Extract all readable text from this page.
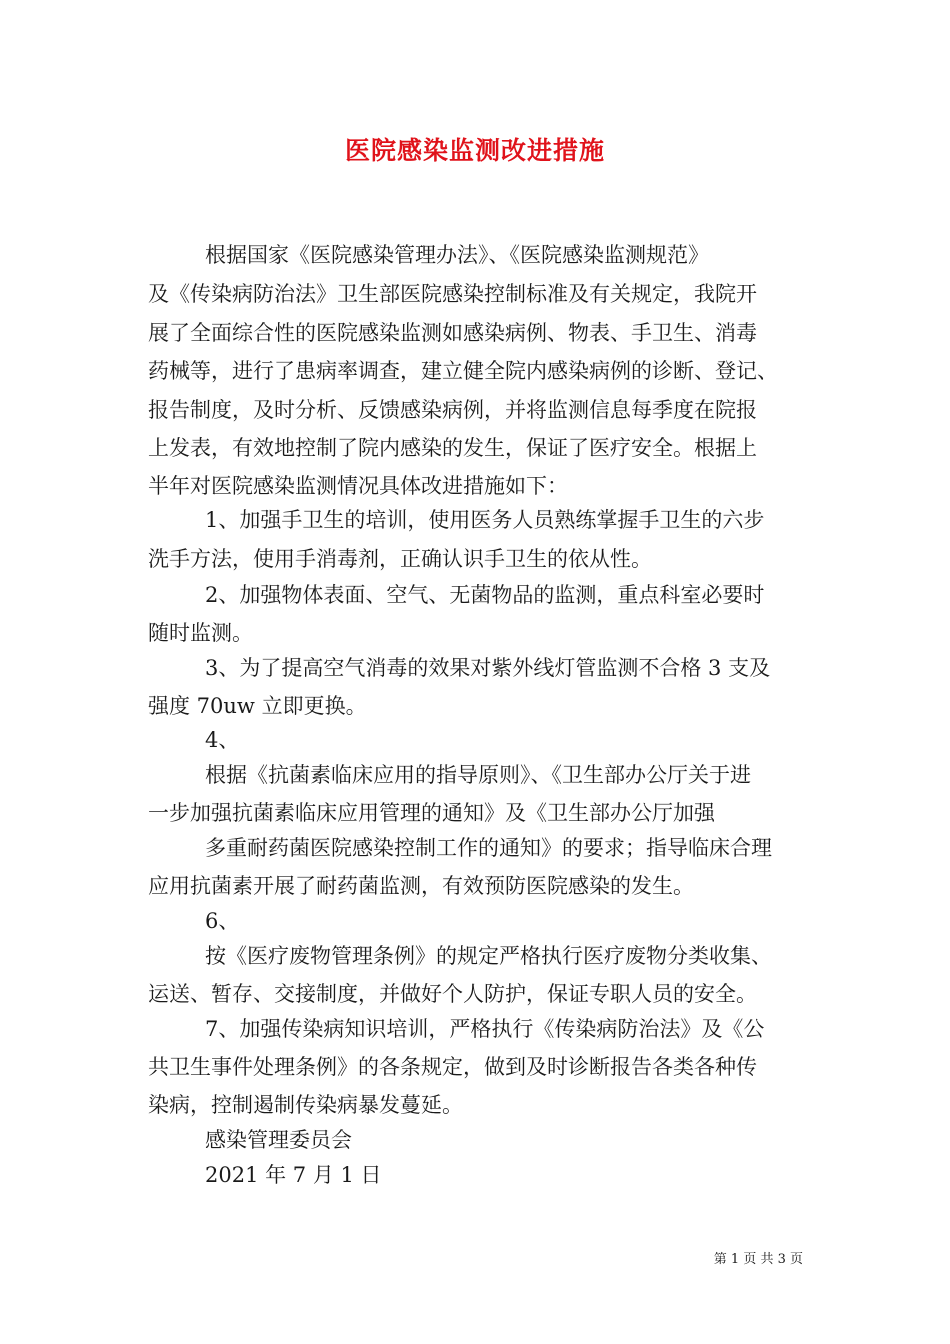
医院感染监测改进措施
根据国家《医院感染管理办法》、《医院感染监测规范》
及《传染病防治法》卫生部医院感染控制标准及有关规定，我院开
展了全面综合性的医院感染监测如感染病例、物表、手卫生、消毒
药械等，进行了患病率调查，建立健全院内感染病例的诊断、登记、
报告制度，及时分析、反馈感染病例，并将监测信息每季度在院报
上发表，有效地控制了院内感染的发生，保证了医疗安全。根据上
半年对医院感染监测情况具体改进措施如下：
1、加强手卫生的培训，使用医务人员熟练掌握手卫生的六步
洗手方法，使用手消毒剂，正确认识手卫生的依从性。
2、加强物体表面、空气、无菌物品的监测，重点科室必要时
随时监测。
3、为了提高空气消毒的效果对紫外线灯管监测不合格 3 支及
强度 70uw 立即更换。
4、
根据《抗菌素临床应用的指导原则》、《卫生部办公厅关于进
一步加强抗菌素临床应用管理的通知》及《卫生部办公厅加强
多重耐药菌医院感染控制工作的通知》的要求；指导临床合理
应用抗菌素开展了耐药菌监测，有效预防医院感染的发生。
6、
按《医疗废物管理条例》的规定严格执行医疗废物分类收集、
运送、暂存、交接制度，并做好个人防护，保证专职人员的安全。
7、加强传染病知识培训，严格执行《传染病防治法》及《公
共卫生事件处理条例》的各条规定，做到及时诊断报告各类各种传
染病，控制遏制传染病暴发蔓延。
感染管理委员会
2021 年 7 月 1 日
第 1 页 共 3 页
